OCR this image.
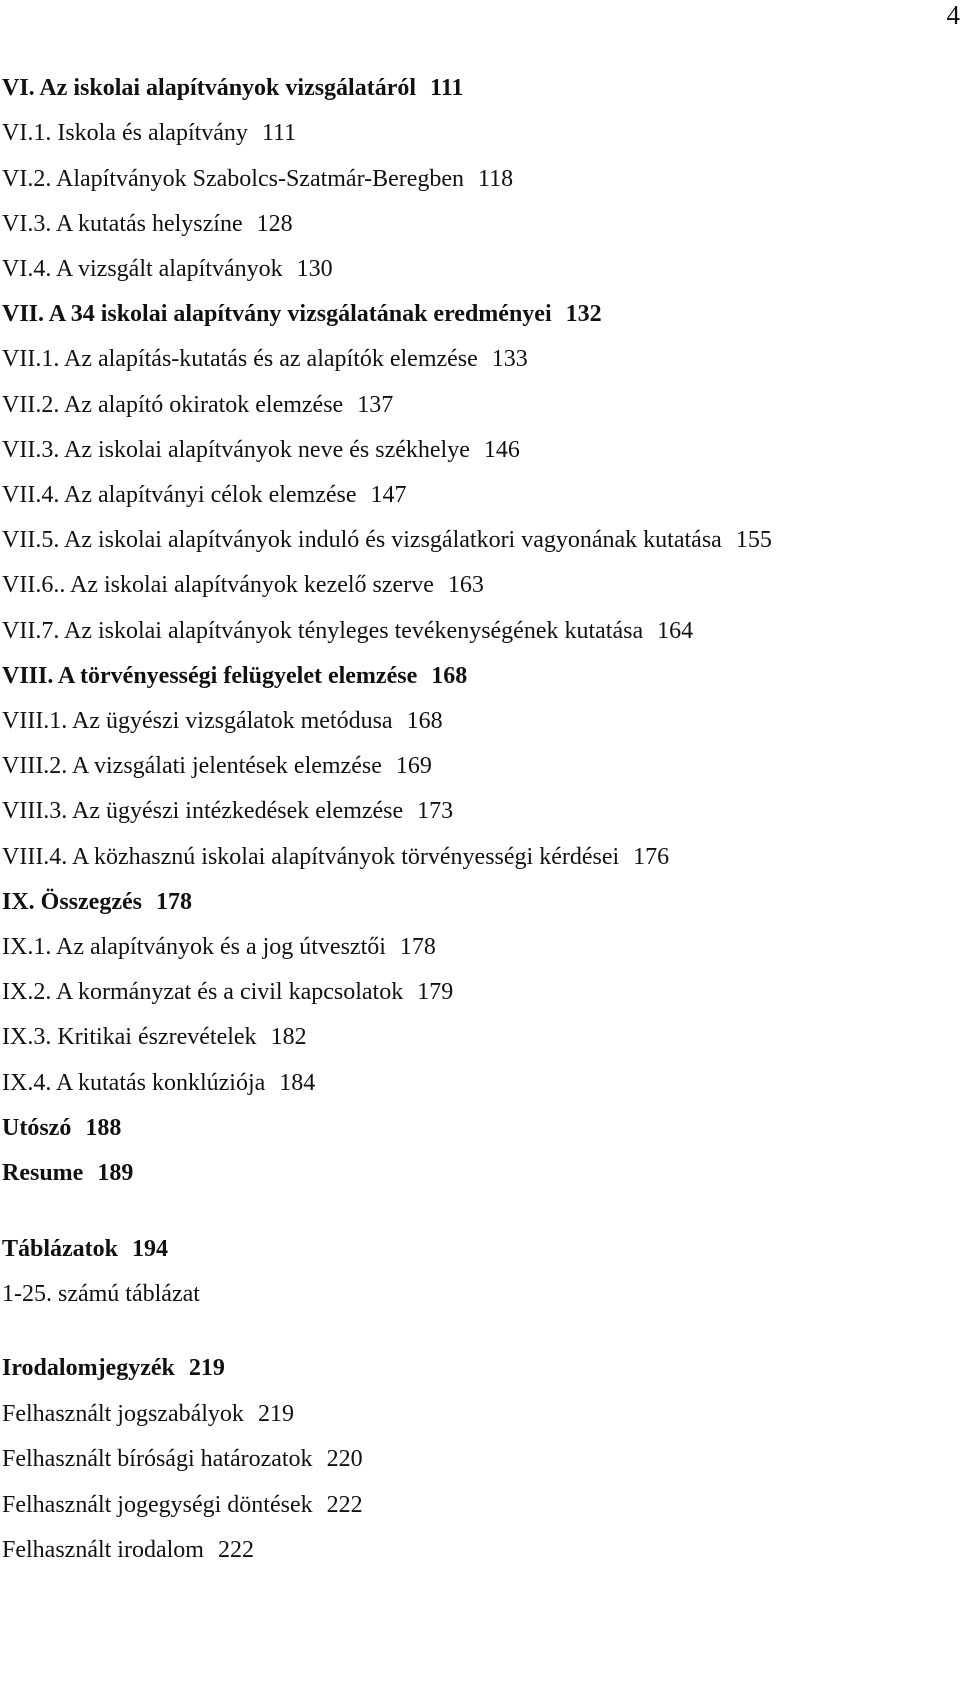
4
VI. Az iskolai alapítványok vizsgálatáról 111
VI.1. Iskola és alapítvány 111
VI.2. Alapítványok Szabolcs-Szatmár-Beregben 118
VI.3. A kutatás helyszíne 128
VI.4. A vizsgált alapítványok 130
VII. A 34 iskolai alapítvány vizsgálatának eredményei 132
VII.1. Az alapítás-kutatás és az alapítók elemzése 133
VII.2. Az alapító okiratok elemzése 137
VII.3. Az iskolai alapítványok neve és székhelye 146
VII.4. Az alapítványi célok elemzése 147
VII.5. Az iskolai alapítványok induló és vizsgálatkori vagyonának kutatása 155
VII.6.. Az iskolai alapítványok kezelő szerve 163
VII.7. Az iskolai alapítványok tényleges tevékenységének kutatása 164
VIII. A törvényességi felügyelet elemzése 168
VIII.1. Az ügyészi vizsgálatok metódusa 168
VIII.2. A vizsgálati jelentések elemzése 169
VIII.3. Az ügyészi intézkedések elemzése 173
VIII.4. A közhasznú iskolai alapítványok törvényességi kérdései 176
IX. Összegzés 178
IX.1. Az alapítványok és a jog útvesztői 178
IX.2. A kormányzat és a civil kapcsolatok 179
IX.3. Kritikai észrevételek 182
IX.4. A kutatás konklúziója 184
Utószó 188
Resume 189
Táblázatok 194
1-25. számú táblázat
Irodalomjegyzék 219
Felhasznált jogszabályok 219
Felhasznált bírósági határozatok 220
Felhasznált jogegységi döntések 222
Felhasznált irodalom 222
